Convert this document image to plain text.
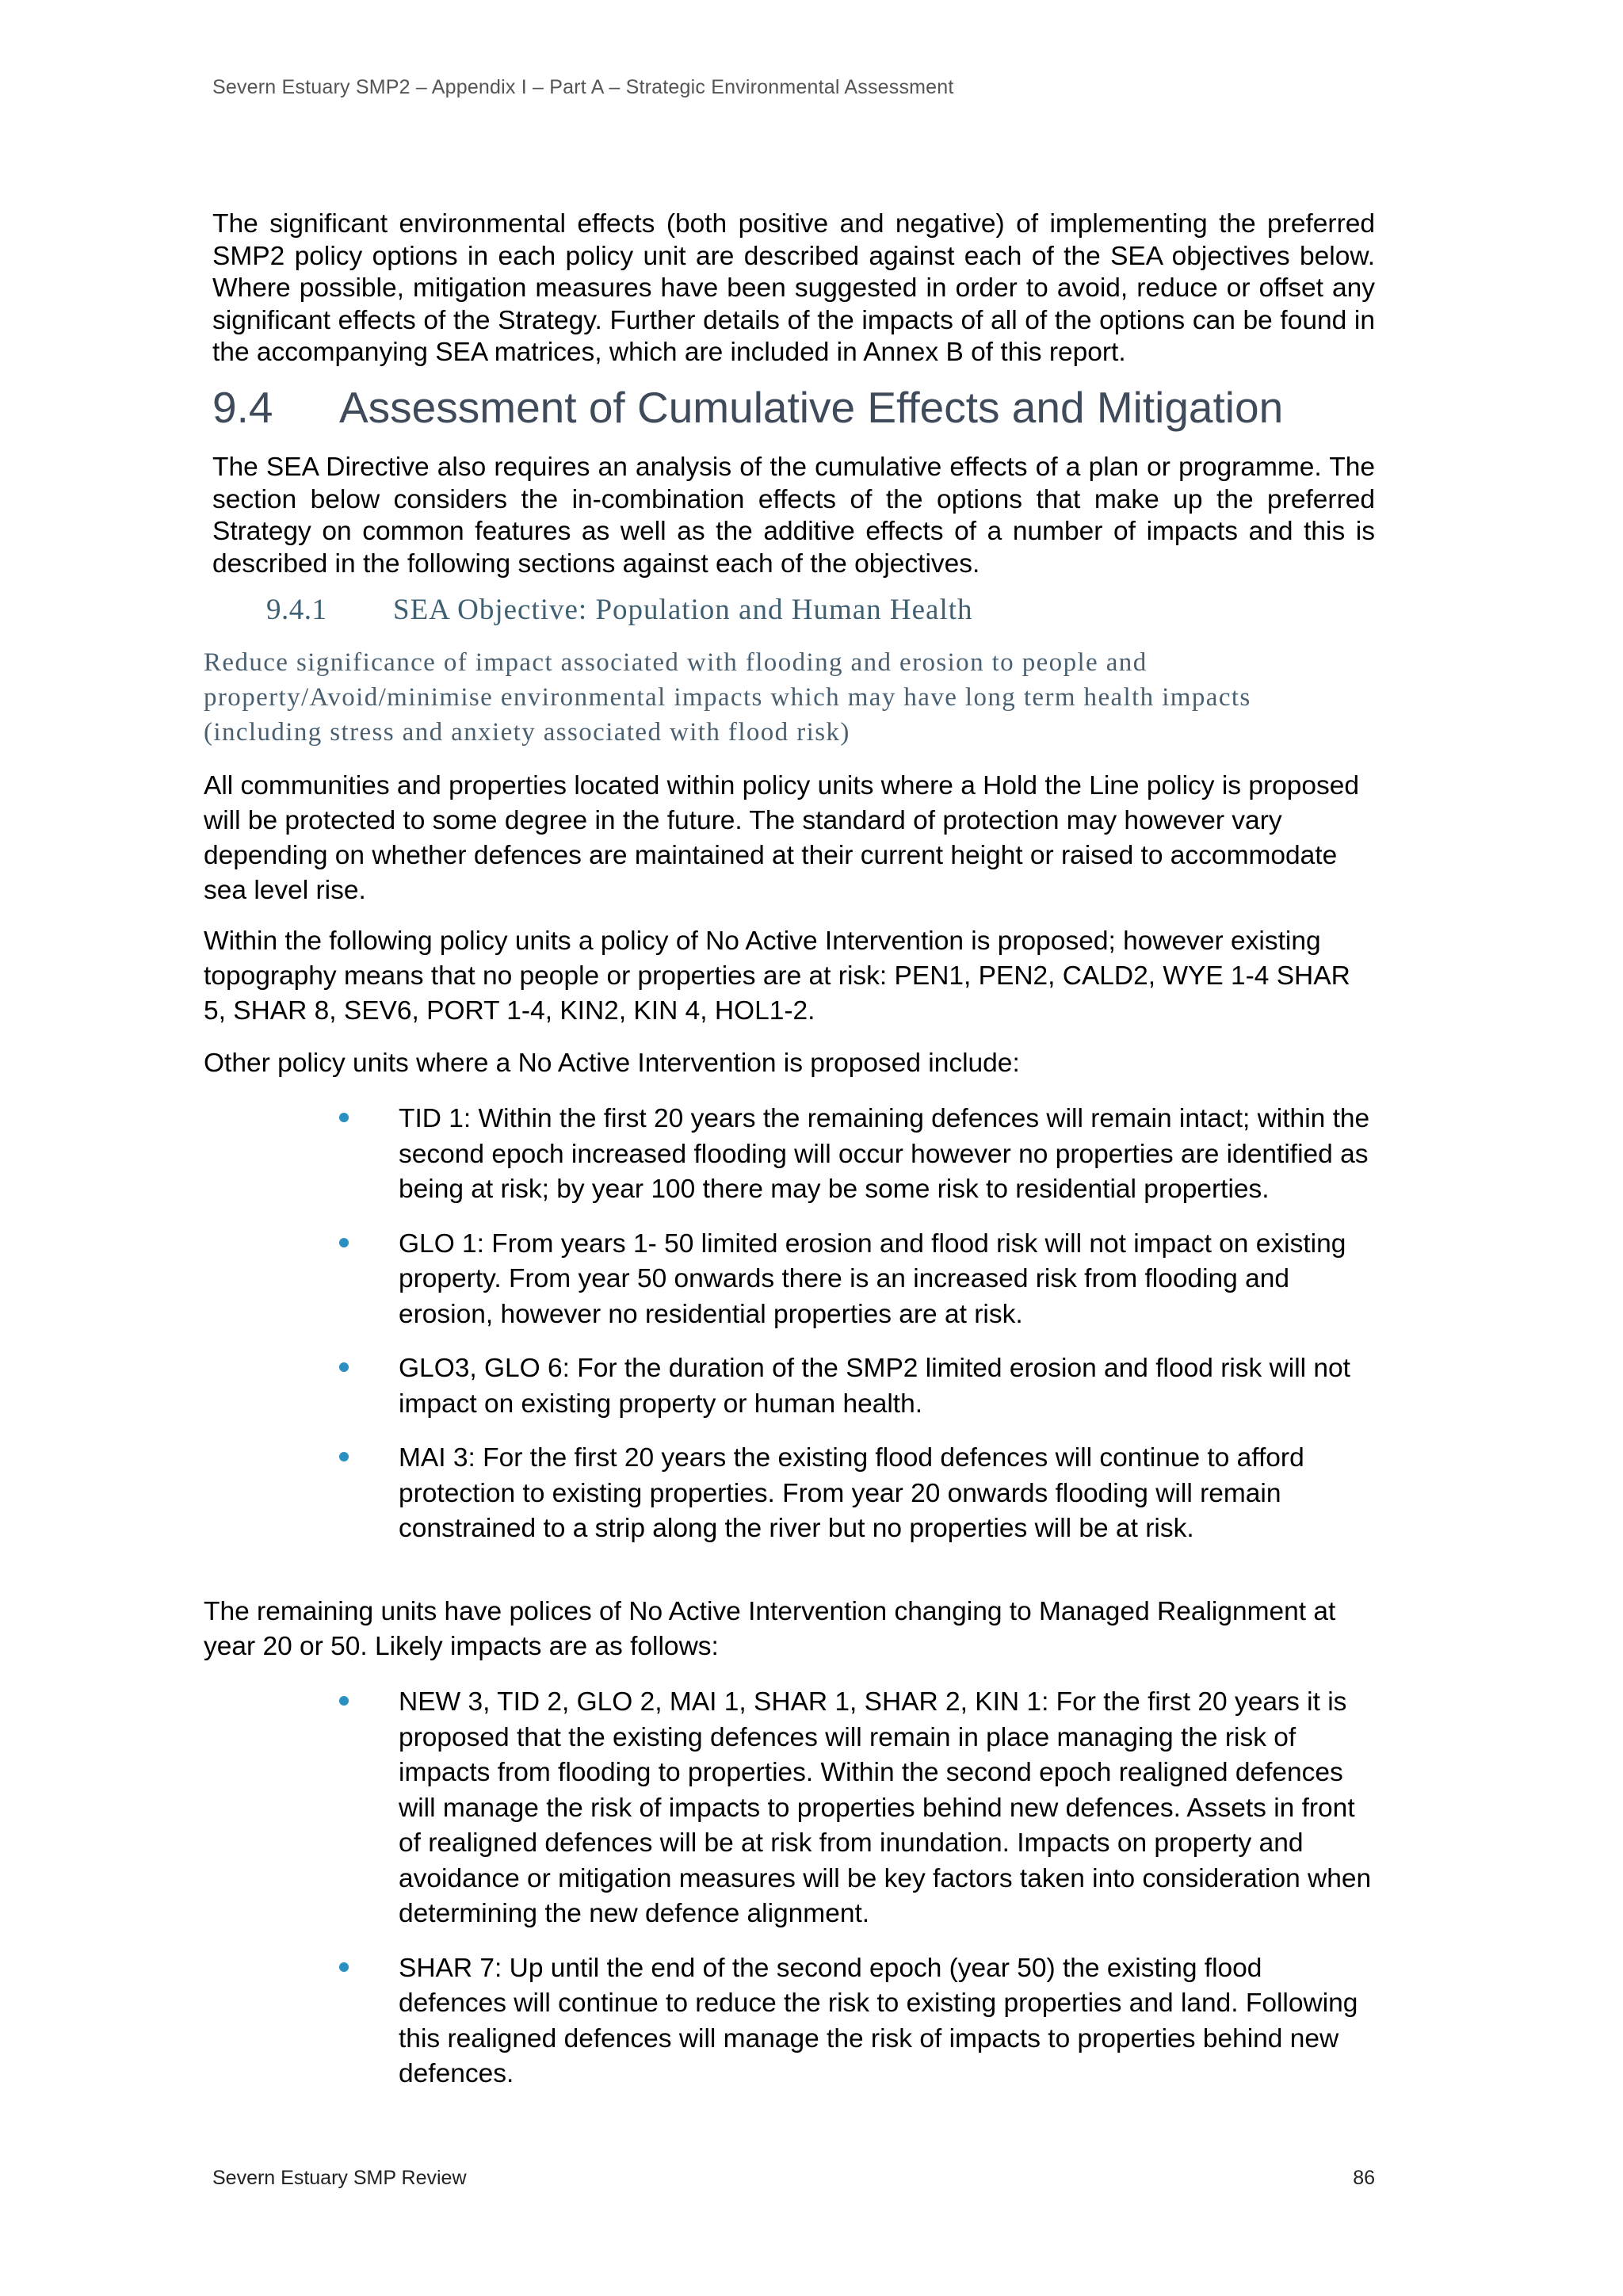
Severn Estuary SMP2 – Appendix I – Part A – Strategic Environmental Assessment

The significant environmental effects (both positive and negative) of implementing the preferred SMP2 policy options in each policy unit are described against each of the SEA objectives below. Where possible, mitigation measures have been suggested in order to avoid, reduce or offset any significant effects of the Strategy. Further details of the impacts of all of the options can be found in the accompanying SEA matrices, which are included in Annex B of this report.

9.4 Assessment of Cumulative Effects and Mitigation

The SEA Directive also requires an analysis of the cumulative effects of a plan or programme. The section below considers the in-combination effects of the options that make up the preferred Strategy on common features as well as the additive effects of a number of impacts and this is described in the following sections against each of the objectives.

9.4.1 SEA Objective: Population and Human Health

Reduce significance of impact associated with flooding and erosion to people and property/Avoid/minimise environmental impacts which may have long term health impacts (including stress and anxiety associated with flood risk)

All communities and properties located within policy units where a Hold the Line policy is proposed will be protected to some degree in the future. The standard of protection may however vary depending on whether defences are maintained at their current height or raised to accommodate sea level rise.

Within the following policy units a policy of No Active Intervention is proposed; however existing topography means that no people or properties are at risk: PEN1, PEN2, CALD2, WYE 1-4 SHAR 5, SHAR 8, SEV6, PORT 1-4, KIN2, KIN 4, HOL1-2.

Other policy units where a No Active Intervention is proposed include:

TID 1: Within the first 20 years the remaining defences will remain intact; within the second epoch increased flooding will occur however no properties are identified as being at risk; by year 100 there may be some risk to residential properties.
GLO 1: From years 1- 50 limited erosion and flood risk will not impact on existing property. From year 50 onwards there is an increased risk from flooding and erosion, however no residential properties are at risk.
GLO3, GLO 6: For the duration of the SMP2 limited erosion and flood risk will not impact on existing property or human health.
MAI 3: For the first 20 years the existing flood defences will continue to afford protection to existing properties. From year 20 onwards flooding will remain constrained to a strip along the river but no properties will be at risk.

The remaining units have polices of No Active Intervention changing to Managed Realignment at year 20 or 50. Likely impacts are as follows:

NEW 3, TID 2, GLO 2, MAI 1, SHAR 1, SHAR 2, KIN 1: For the first 20 years it is proposed that the existing defences will remain in place managing the risk of impacts from flooding to properties. Within the second epoch realigned defences will manage the risk of impacts to properties behind new defences. Assets in front of realigned defences will be at risk from inundation. Impacts on property and avoidance or mitigation measures will be key factors taken into consideration when determining the new defence alignment.
SHAR 7: Up until the end of the second epoch (year 50) the existing flood defences will continue to reduce the risk to existing properties and land. Following this realigned defences will manage the risk of impacts to properties behind new defences.
Severn Estuary SMP Review	86
